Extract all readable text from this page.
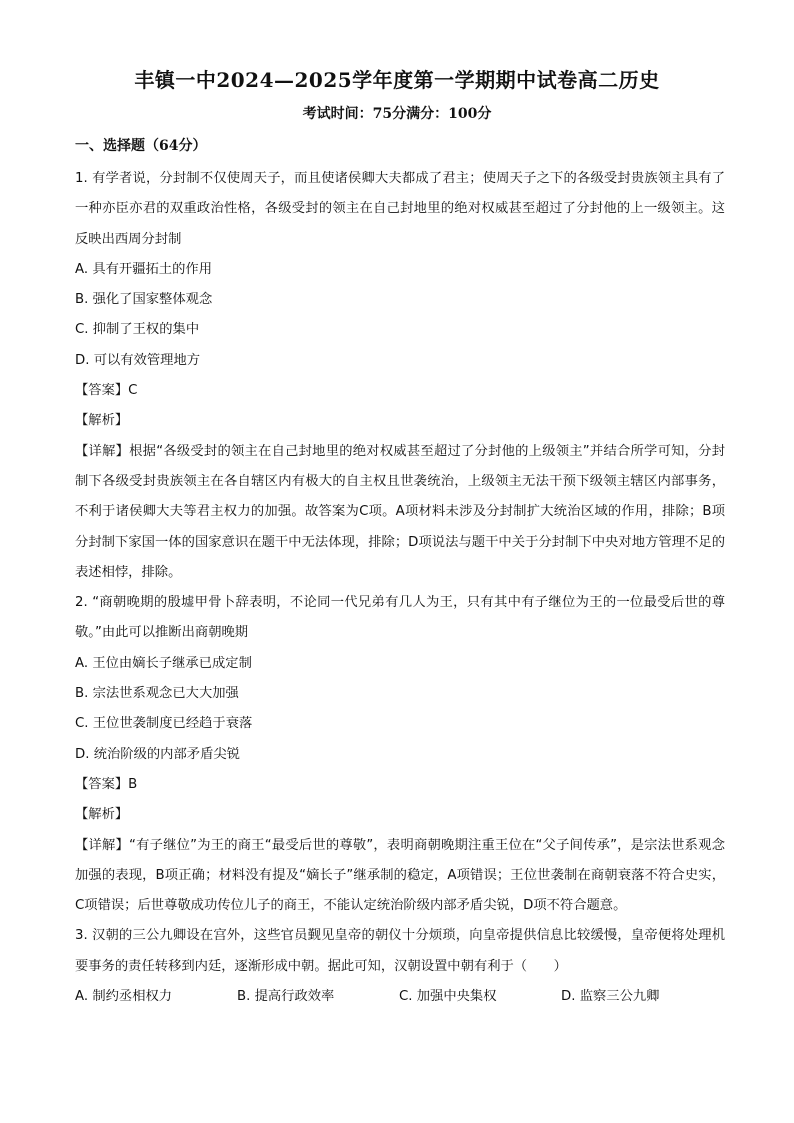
丰镇一中2024—2025学年度第一学期期中试卷高二历史
考试时间：75分满分：100分
一、选择题（64分）

1. 有学者说，分封制不仅使周天子，而且使诸侯卿大夫都成了君主；使周天子之下的各级受封贵族领主具有了一种亦臣亦君的双重政治性格，各级受封的领主在自己封地里的绝对权威甚至超过了分封他的上一级领主。这反映出西周分封制

A. 具有开疆拓土的作用

B. 强化了国家整体观念

C. 抑制了王权的集中

D. 可以有效管理地方

【答案】C

【解析】

【详解】根据“各级受封的领主在自己封地里的绝对权威甚至超过了分封他的上级领主”并结合所学可知，分封制下各级受封贵族领主在各自辖区内有极大的自主权且世袭统治，上级领主无法干预下级领主辖区内部事务，不利于诸侯卿大夫等君主权力的加强。故答案为C项。A项材料未涉及分封制扩大统治区域的作用，排除；B项分封制下家国一体的国家意识在题干中无法体现，排除；D项说法与题干中关于分封制下中央对地方管理不足的表述相悖，排除。

2. “商朝晚期的殷墟甲骨卜辞表明，不论同一代兄弟有几人为王，只有其中有子继位为王的一位最受后世的尊敬。”由此可以推断出商朝晚期

A. 王位由嫡长子继承已成定制

B. 宗法世系观念已大大加强

C. 王位世袭制度已经趋于衰落

D. 统治阶级的内部矛盾尖锐

【答案】B

【解析】

【详解】“有子继位”为王的商王“最受后世的尊敬”，表明商朝晚期注重王位在“父子间传承”，是宗法世系观念加强的表现，B项正确；材料没有提及“嫡长子”继承制的稳定，A项错误；王位世袭制在商朝衰落不符合史实，C项错误；后世尊敬成功传位儿子的商王，不能认定统治阶级内部矛盾尖锐，D项不符合题意。

3. 汉朝的三公九卿设在宫外，这些官员觐见皇帝的朝仪十分烦琐，向皇帝提供信息比较缓慢，皇帝便将处理机要事务的责任转移到内廷，逐渐形成中朝。据此可知，汉朝设置中朝有利于（　　）

A. 制约丞相权力	B. 提高行政效率	C. 加强中央集权	D. 监察三公九卿
